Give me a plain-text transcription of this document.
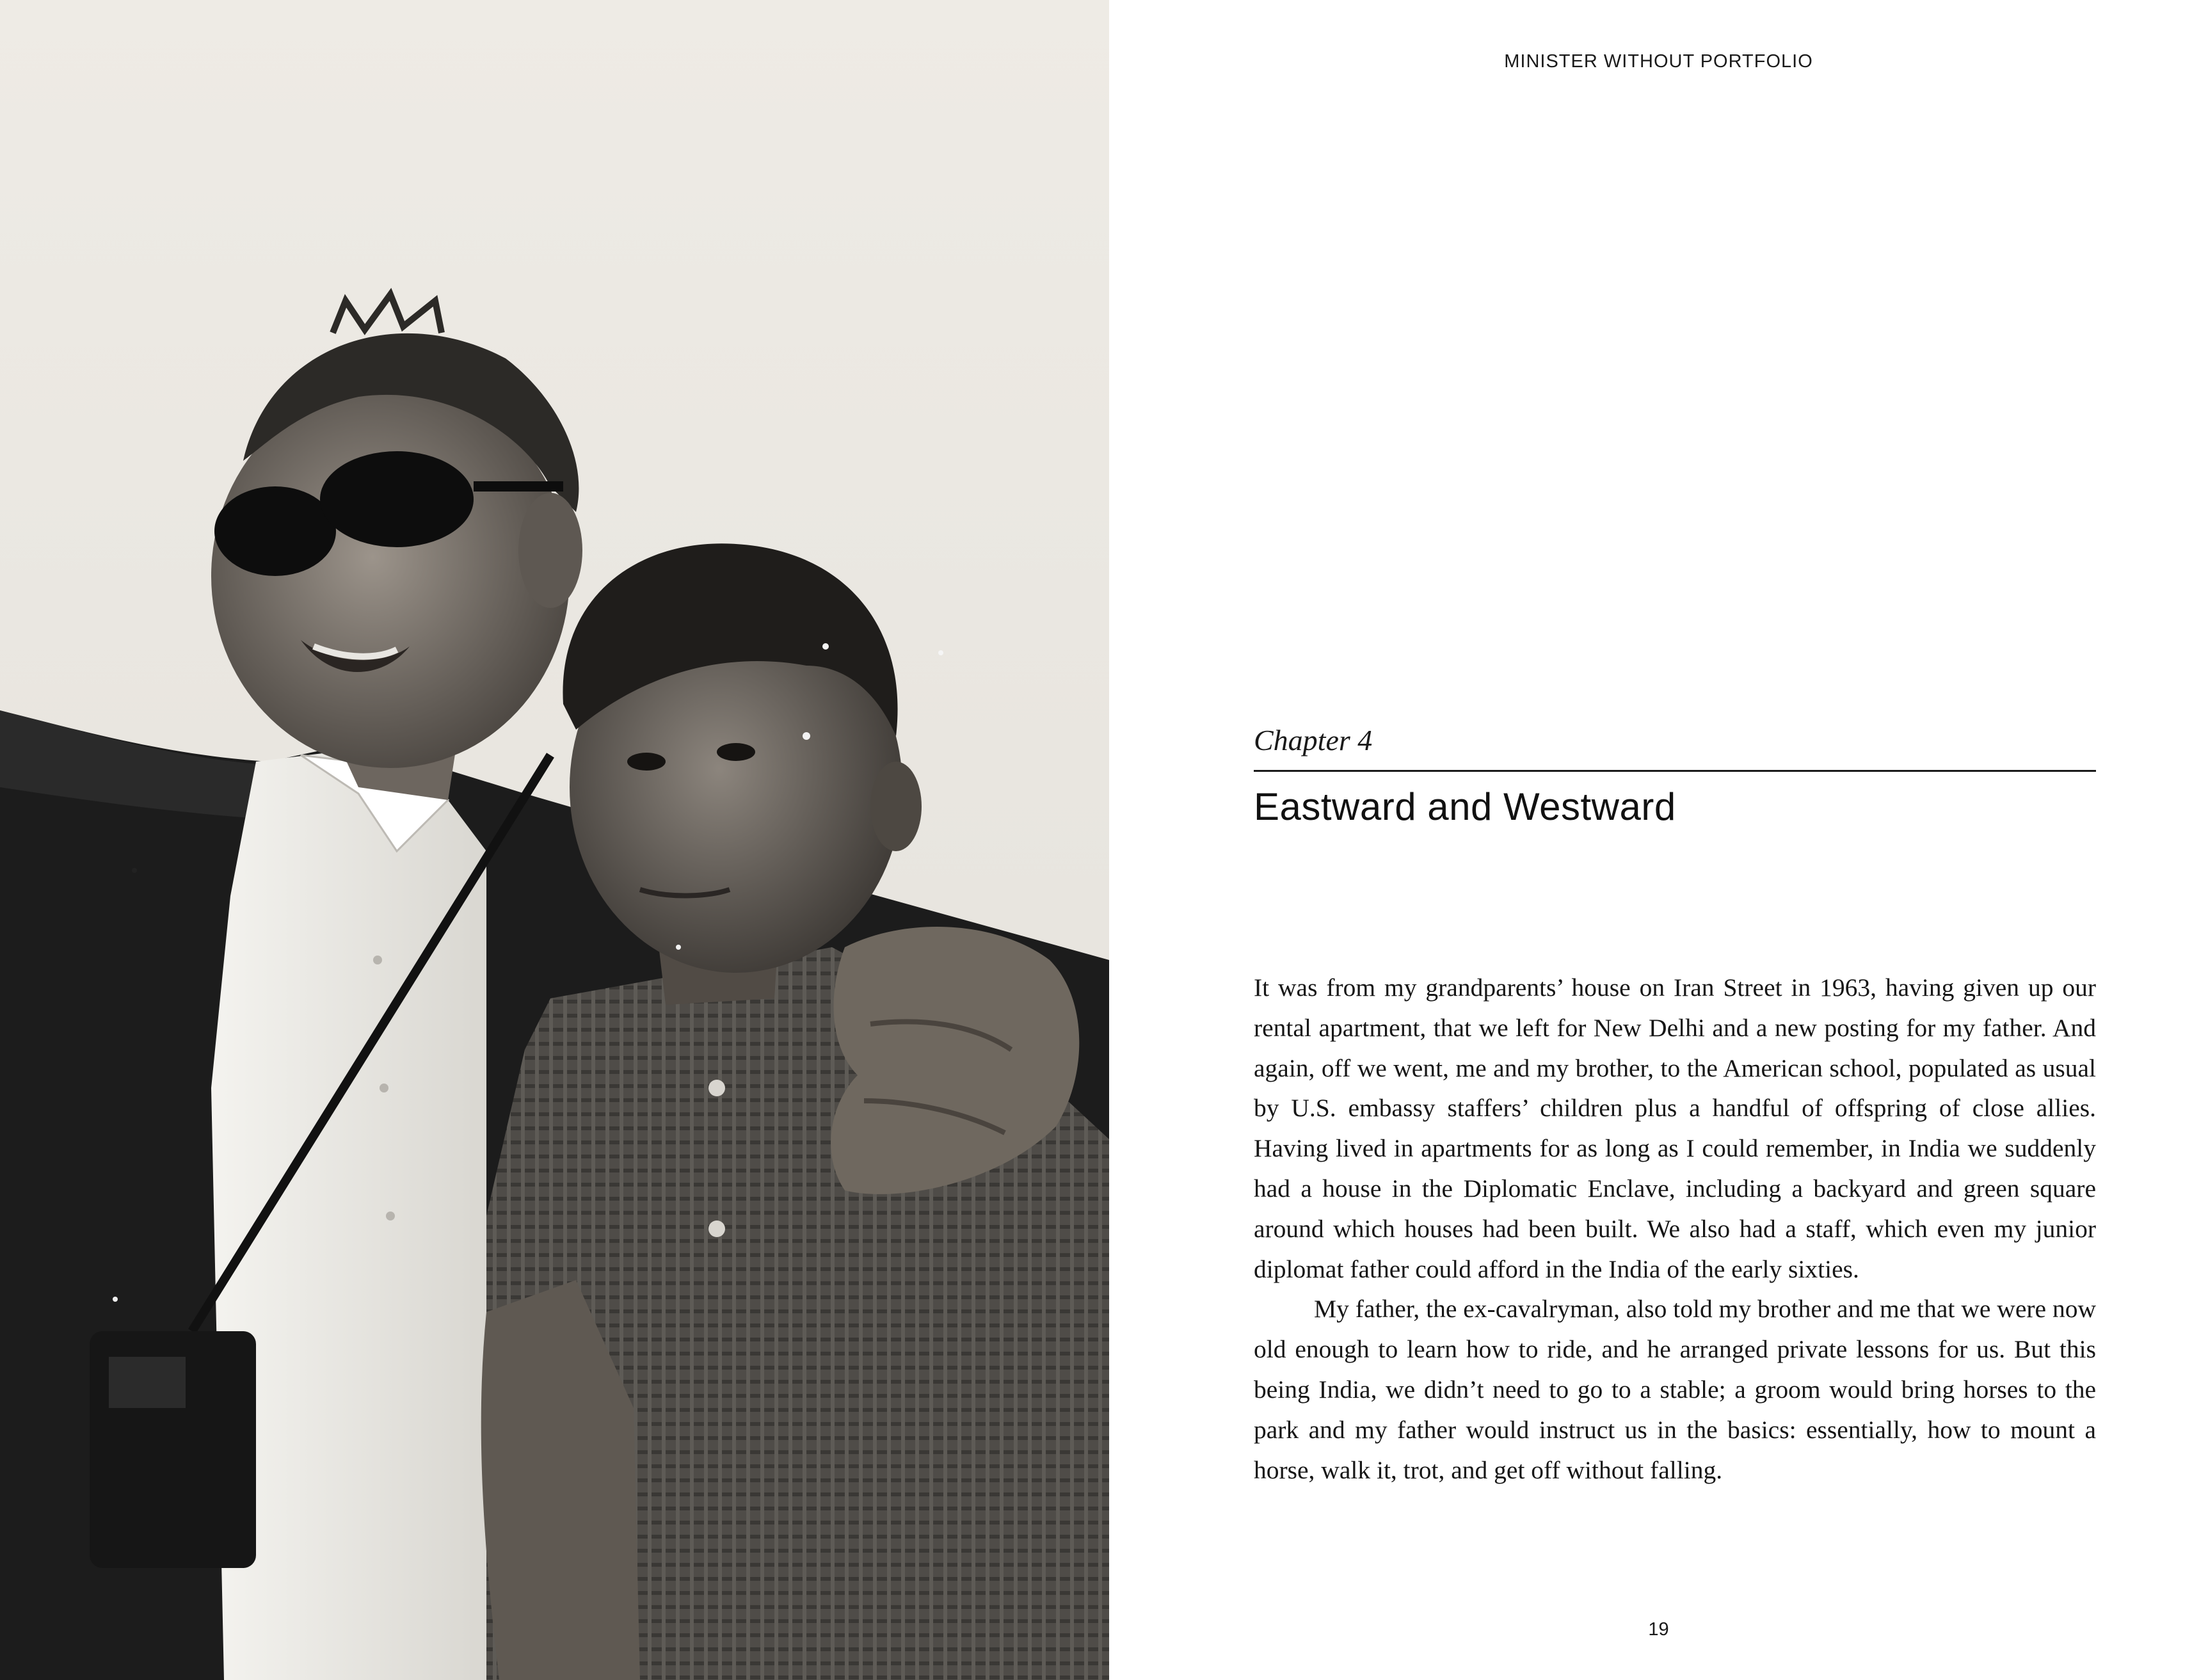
MINISTER WITHOUT PORTFOLIO
Chapter 4
Eastward and Westward

It was from my grandparents’ house on Iran Street in 1963, having given up our rental apartment, that we left for New Delhi and a new posting for my father. And again, off we went, me and my brother, to the American school, populated as usual by U.S. embassy staffers’ children plus a handful of offspring of close allies. Having lived in apartments for as long as I could remember, in India we suddenly had a house in the Diplomatic Enclave, including a backyard and green square around which houses had been built. We also had a staff, which even my junior diplomat father could afford in the India of the early sixties.

My father, the ex-cavalryman, also told my brother and me that we were now old enough to learn how to ride, and he arranged private lessons for us. But this being India, we didn’t need to go to a stable; a groom would bring horses to the park and my father would instruct us in the basics: essentially, how to mount a horse, walk it, trot, and get off without falling.

19
